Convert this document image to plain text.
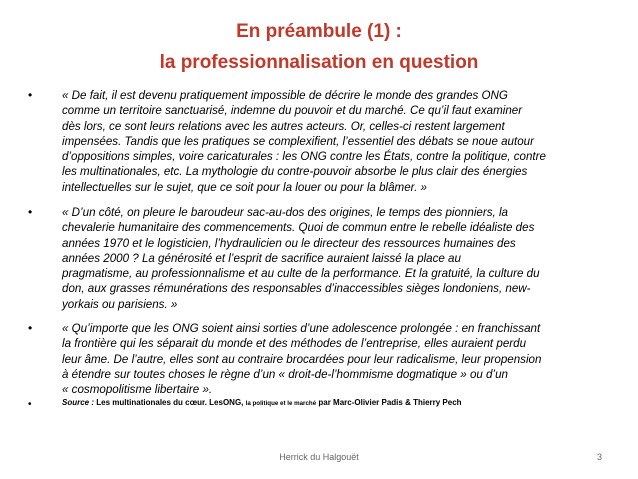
En préambule (1) :
la professionnalisation en question
•	« De fait, il est devenu pratiquement impossible de décrire le monde des grandes ONG
comme un territoire sanctuarisé, indemne du pouvoir et du marché. Ce qu’il faut examiner
dès lors, ce sont leurs relations avec les autres acteurs. Or, celles-ci restent largement
impensées. Tandis que les pratiques se complexifient, l’essentiel des débats se noue autour
d’oppositions simples, voire caricaturales : les ONG contre les États, contre la politique, contre
les multinationales, etc. La mythologie du contre-pouvoir absorbe le plus clair des énergies
intellectuelles sur le sujet, que ce soit pour la louer ou pour la blâmer. »
•	« D’un côté, on pleure le baroudeur sac-au-dos des origines, le temps des pionniers, la
chevalerie humanitaire des commencements. Quoi de commun entre le rebelle idéaliste des
années 1970 et le logisticien, l’hydraulicien ou le directeur des ressources humaines des
années 2000 ? La générosité et l’esprit de sacrifice auraient laissé la place au
pragmatisme, au professionnalisme et au culte de la performance. Et la gratuité, la culture du
don, aux grasses rémunérations des responsables d’inaccessibles sièges londoniens, new-
yorkais ou parisiens. »
•	« Qu’importe que les ONG soient ainsi sorties d’une adolescence prolongée : en franchissant
la frontière qui les séparait du monde et des méthodes de l’entreprise, elles auraient perdu
leur âme. De l’autre, elles sont au contraire brocardées pour leur radicalisme, leur propension
à étendre sur toutes choses le règne d’un « droit-de-l’hommisme dogmatique » ou d’un
« cosmopolitisme libertaire ».
•	Source : Les multinationales du cœur. LesONG, la politique et le marché par Marc-Olivier Padis & Thierry Pech
Herrick du Halgouët	3
